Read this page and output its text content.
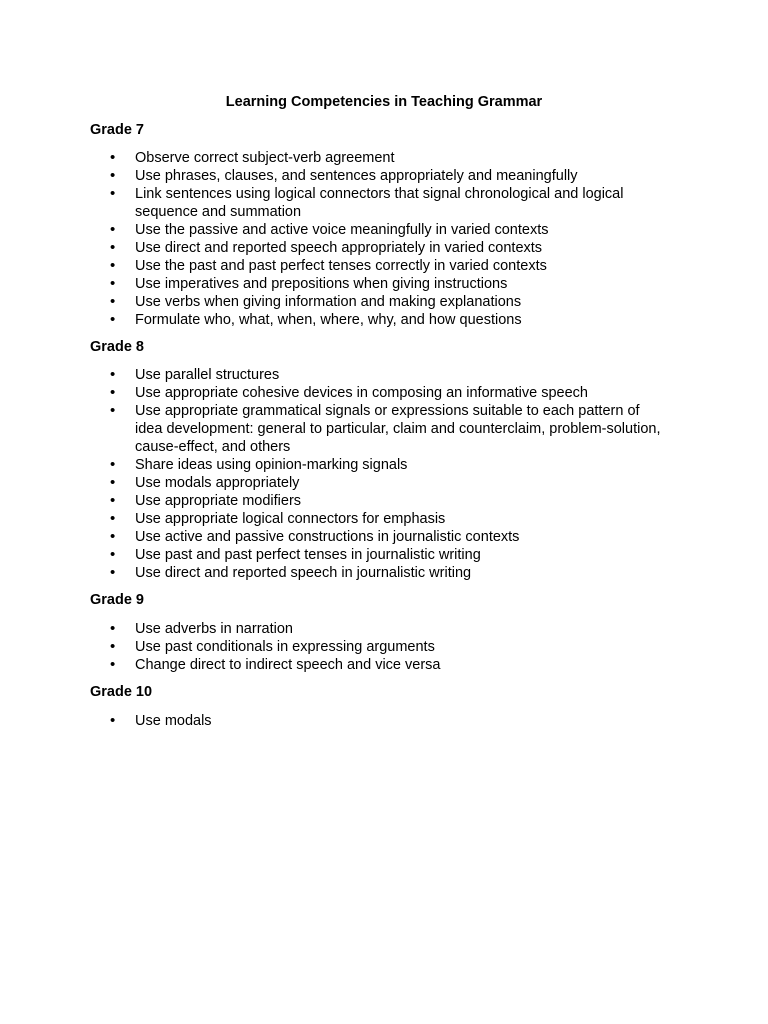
Learning Competencies in Teaching Grammar
Grade 7
• Observe correct subject-verb agreement
• Use phrases, clauses, and sentences appropriately and meaningfully
• Link sentences using logical connectors that signal chronological and logical sequence and summation
• Use the passive and active voice meaningfully in varied contexts
• Use direct and reported speech appropriately in varied contexts
• Use the past and past perfect tenses correctly in varied contexts
• Use imperatives and prepositions when giving instructions
• Use verbs when giving information and making explanations
• Formulate who, what, when, where, why, and how questions
Grade 8
• Use parallel structures
• Use appropriate cohesive devices in composing an informative speech
• Use appropriate grammatical signals or expressions suitable to each pattern of idea development: general to particular, claim and counterclaim, problem-solution, cause-effect, and others
• Share ideas using opinion-marking signals
• Use modals appropriately
• Use appropriate modifiers
• Use appropriate logical connectors for emphasis
• Use active and passive constructions in journalistic contexts
• Use past and past perfect tenses in journalistic writing
• Use direct and reported speech in journalistic writing
Grade 9
• Use adverbs in narration
• Use past conditionals in expressing arguments
• Change direct to indirect speech and vice versa
Grade 10
• Use modals
